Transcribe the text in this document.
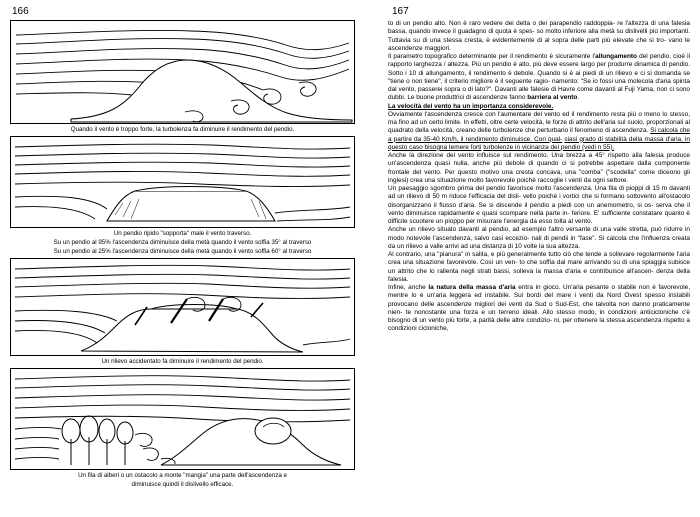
166	167
Quando il vento è troppo forte, la turbolenza fa diminuire il rendimento del pendio.
Un pendio ripido "sopporta" male il vento traverso.
Su un pendio al 95% l'ascendenza diminuisce della metà quando il vento soffia 35° al traverso
Su un pendio al 25% l'ascendenza diminuisce della metà quando il vento soffia 60° al traverso
Un rilievo accidentato fa diminuire il rendimento del pendio.
Un fila di alberi o un ostacolo a monte "mangia" una parte dell'ascendenza e
diminuisce quindi il dislivello efficace.

to di un pendio alto. Non è raro vedere dei delta o dei parapendio raddoppia- re l'altezza di una falesia bassa, quando invece il guadagno di quota è spes- so molto inferiore alla metà su dislivelli più importanti. Tuttavia su di una stessa cresta, è evidentemente di al sopra delle parti più elevate che si tro- vano le ascendenze maggiori.

Il parametro topografico determinante per il rendimento è sicuramente l'allungamento del pendio, cioè il rapporto larghezza / altezza. Più un pendio è alto, più deve essere largo per produrre dinamica di pendio. Sotto i 10 di allungamento, il rendimento è debole. Quando si è ai piedi di un rilievo e ci si domanda se "tiene o non tiene", il criterio migliore è il seguente ragio- namento: "Se io fossi una molecola d'aria spinta dal vento, passerei sopra o di lato?". Davanti alle falesie di Havre come davanti al Fuji Yama, non ci sono dubbi. Le buone produttrici di ascendenze fanno barriera al vento.

La velocità del vento ha un importanza considerevole.

Ovviamente l'ascendenza cresce con l'aumentare del vento ed il rendimento resta più o meno lo stesso, ma fino ad un certo limite. In effetti, oltre certe velocità, le forze di attrito dell'aria sul suolo, proporzionali al quadrato della velocità, creano delle turbolenze che perturbano il fenomeno di ascendenza. Si calcola che a partire da 35-40 Km/h, il rendimento diminuisce. Con qual- siasi grado di stabilità della massa d'aria, in questo caso bisogna temere forti turbolenze in vicinanza del pendio (vedi n 55).

Anche la direzione del vento influisce sul rendimento. Una brezza a 45° rispetto alla falesia produce un'ascendenza quasi nulla, anche più debole di quando ci si potrebbe aspettare dalla componente frontale del vento. Per questo motivo una cresta concava, una "comba" ("scodella" come diceono gli inglesi) crea una situazione molto favorevole poichè raccoglie i venti da ogni settore.

Un paesaggio sgombro prima del pendio favorisce molto l'ascendenza. Una fila di pioppi di 15 m davanti ad un rilievo di 50 m riduce l'efficacia del disli- vello poichè i vortici che si formano sottovento all'ostacolo disorganizzano il flusso d'aria. Se si discende il pendio a piedi con un anemometro, si os- serva che il vento diminuisce rapidamente e quasi scompare nella parte in- feriore. E' sufficiente constatare quanto è difficile scuotere un pioppo per misurare l'energia da esso tolta al vento.

Anche un rilievo situato davanti al pendio, ad esempio l'altro versante di una valle stretta, può ridurre in modo notevole l'ascendenza, salvo casi eccezio- nali di pendii in "fase". Si calcola che l'influenza creata da un rilievo a valle arrivi ad una distanza di 10 volte la sua altezza.

Al contrario, una "pianura" in salita, e più generalmente tutto ciò che tende a sollevare regolarmente l'aria crea una situazione favorevole. Così un ven- to che soffia dal mare arrivando su di una spiaggia subisce un attrito che lo rallenta negli strati bassi, solleva la massa d'aria e contribuisce all'ascen- denza della falesia.

Infine, anche la natura della massa d'aria entra in gioco. Un'aria pesante o stabile non è favorevole, mentre lo è un'aria leggera ed instabile. Sui bordi del mare i venti da Nord Ovest spesso instabili provocano delle ascendenze migliori dei venti da Sud o Sud-Est, che talvolta non danno praticamente nien- te nonostante una forza e un terreno ideali. Allo stesso modo, in condizioni anticicloniche c'è bisogno di un vento più forte, a parità delle altre condizio- ni, per ottenere la stessa ascendenza rispetto a condizioni cicloniche,
